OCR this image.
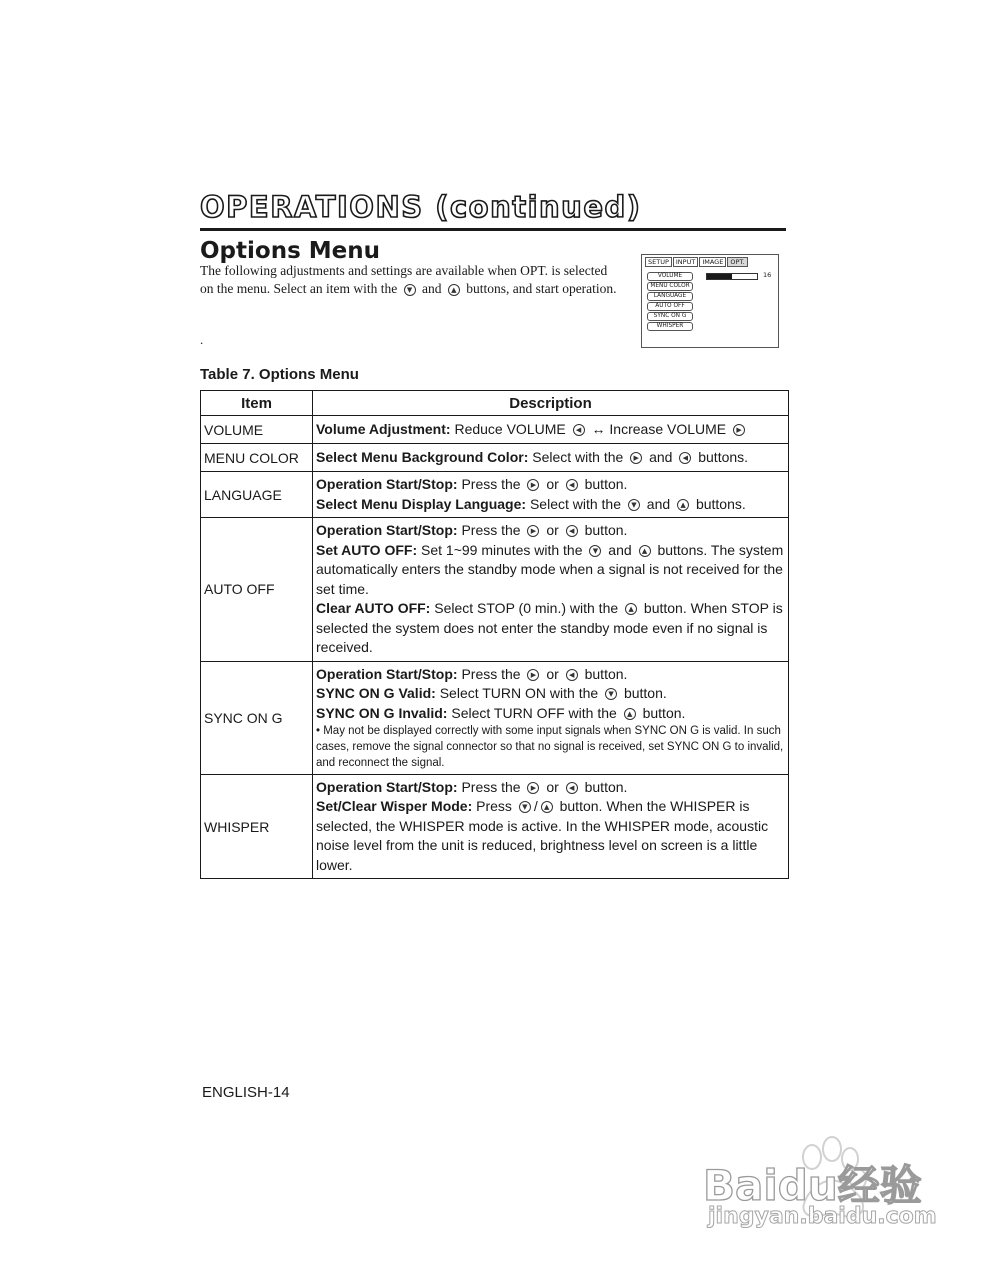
OPERATIONS (continued)
Options Menu
The following adjustments and settings are available when OPT. is selected on the menu. Select an item with the ▼ and ▲ buttons, and start operation.
.
SETUP	INPUT	IMAGE	OPT.
VOLUME
MENU COLOR
LANGUAGE
AUTO OFF
SYNC ON G
WHISPER
16
Table 7. Options Menu
Item	Description
VOLUME	Volume Adjustment: Reduce VOLUME ◀ ↔ Increase VOLUME ▶
MENU COLOR	Select Menu Background Color: Select with the ▶ and ◀ buttons.
LANGUAGE	Operation Start/Stop: Press the ▶ or ◀ button.
Select Menu Display Language: Select with the ▼ and ▲ buttons.

AUTO OFF	Operation Start/Stop: Press the ▶ or ◀ button.
Set AUTO OFF: Set 1~99 minutes with the ▼ and ▲ buttons. The system automatically enters the standby mode when a signal is not received for the set time.
Clear AUTO OFF: Select STOP (0 min.) with the ▲ button. When STOP is selected the system does not enter the standby mode even if no signal is received.

SYNC ON G	Operation Start/Stop: Press the ▶ or ◀ button.
SYNC ON G Valid: Select TURN ON with the ▼ button.
SYNC ON G Invalid: Select TURN OFF with the ▲ button.
• May not be displayed correctly with some input signals when SYNC ON G is valid. In such cases, remove the signal connector so that no signal is received, set SYNC ON G to invalid, and reconnect the signal.

WHISPER	Operation Start/Stop: Press the ▶ or ◀ button.
Set/Clear Wisper Mode: Press ▼ / ▲ button. When the WHISPER is selected, the WHISPER mode is active. In the WHISPER mode, acoustic noise level from the unit is reduced, brightness level on screen is a little lower.
ENGLISH-14
Baidu经验
jingyan.baidu.com
